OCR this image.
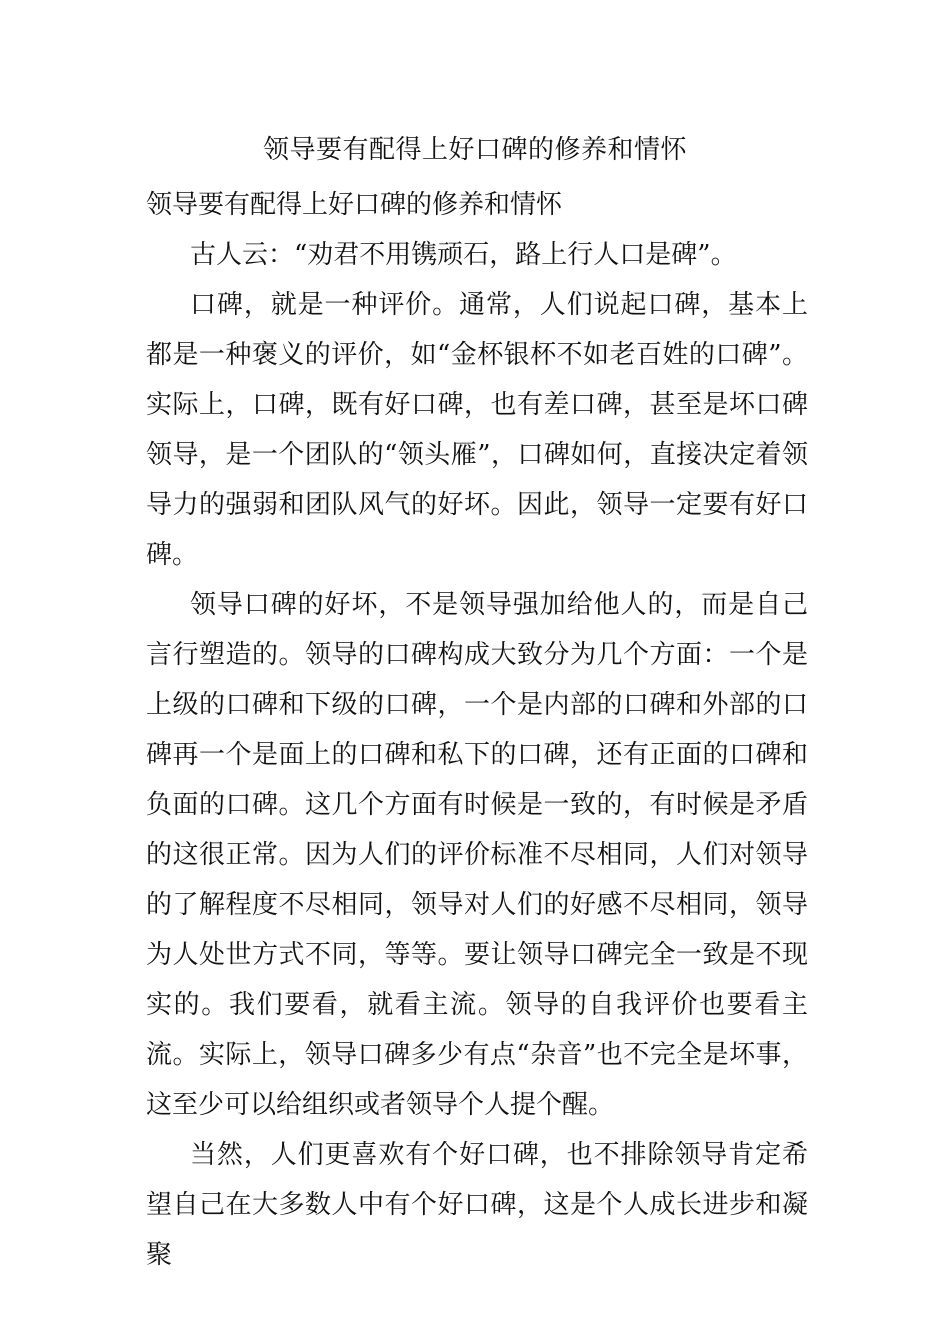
领导要有配得上好口碑的修养和情怀

领导要有配得上好口碑的修养和情怀

古人云：“劝君不用镌顽石，路上行人口是碑”。

口碑，就是一种评价。通常，人们说起口碑，基本上都是一种褒义的评价，如“金杯银杯不如老百姓的口碑”。实际上，口碑，既有好口碑，也有差口碑，甚至是坏口碑领导，是一个团队的“领头雁”，口碑如何，直接决定着领导力的强弱和团队风气的好坏。因此，领导一定要有好口碑。

领导口碑的好坏，不是领导强加给他人的，而是自己言行塑造的。领导的口碑构成大致分为几个方面：一个是上级的口碑和下级的口碑，一个是内部的口碑和外部的口碑再一个是面上的口碑和私下的口碑，还有正面的口碑和负面的口碑。这几个方面有时候是一致的，有时候是矛盾的这很正常。因为人们的评价标准不尽相同，人们对领导的了解程度不尽相同，领导对人们的好感不尽相同，领导为人处世方式不同，等等。要让领导口碑完全一致是不现实的。我们要看，就看主流。领导的自我评价也要看主流。实际上，领导口碑多少有点“杂音”也不完全是坏事，这至少可以给组织或者领导个人提个醒。

当然，人们更喜欢有个好口碑，也不排除领导肯定希望自己在大多数人中有个好口碑，这是个人成长进步和凝聚
